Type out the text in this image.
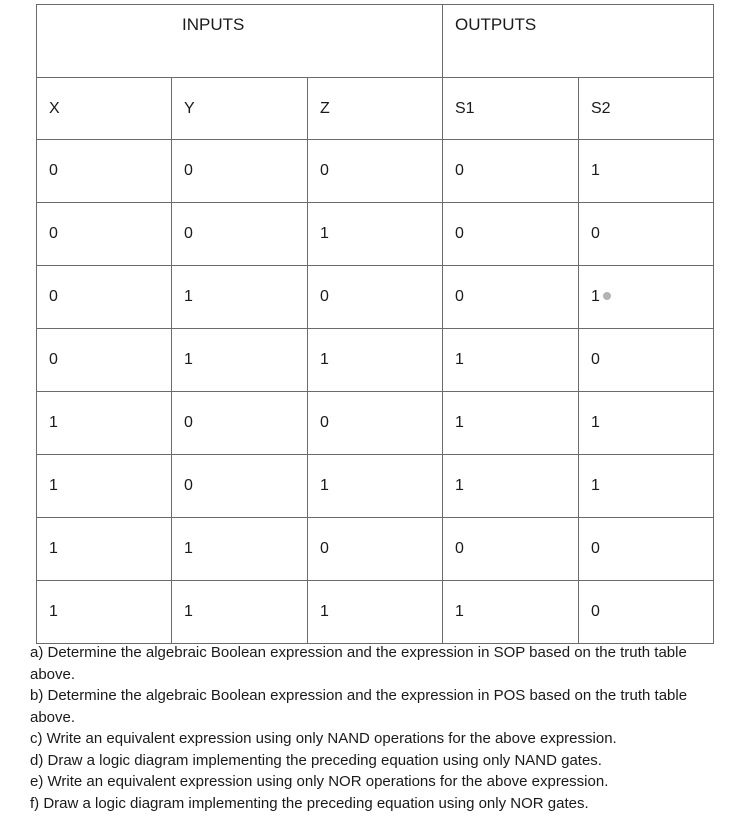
INPUTS			OUTPUTS	
X	Y	Z	S1	S2
0	0	0	0	1
0	0	1	0	0
0	1	0	0	1
0	1	1	1	0
1	0	0	1	1
1	0	1	1	1
1	1	0	0	0
1	1	1	1	0

a) Determine the algebraic Boolean expression and the expression in SOP based on the truth table above.

b) Determine the algebraic Boolean expression and the expression in POS based on the truth table above.

c) Write an equivalent expression using only NAND operations for the above expression.

d) Draw a logic diagram implementing the preceding equation using only NAND gates.

e) Write an equivalent expression using only NOR operations for the above expression.

f) Draw a logic diagram implementing the preceding equation using only NOR gates.
